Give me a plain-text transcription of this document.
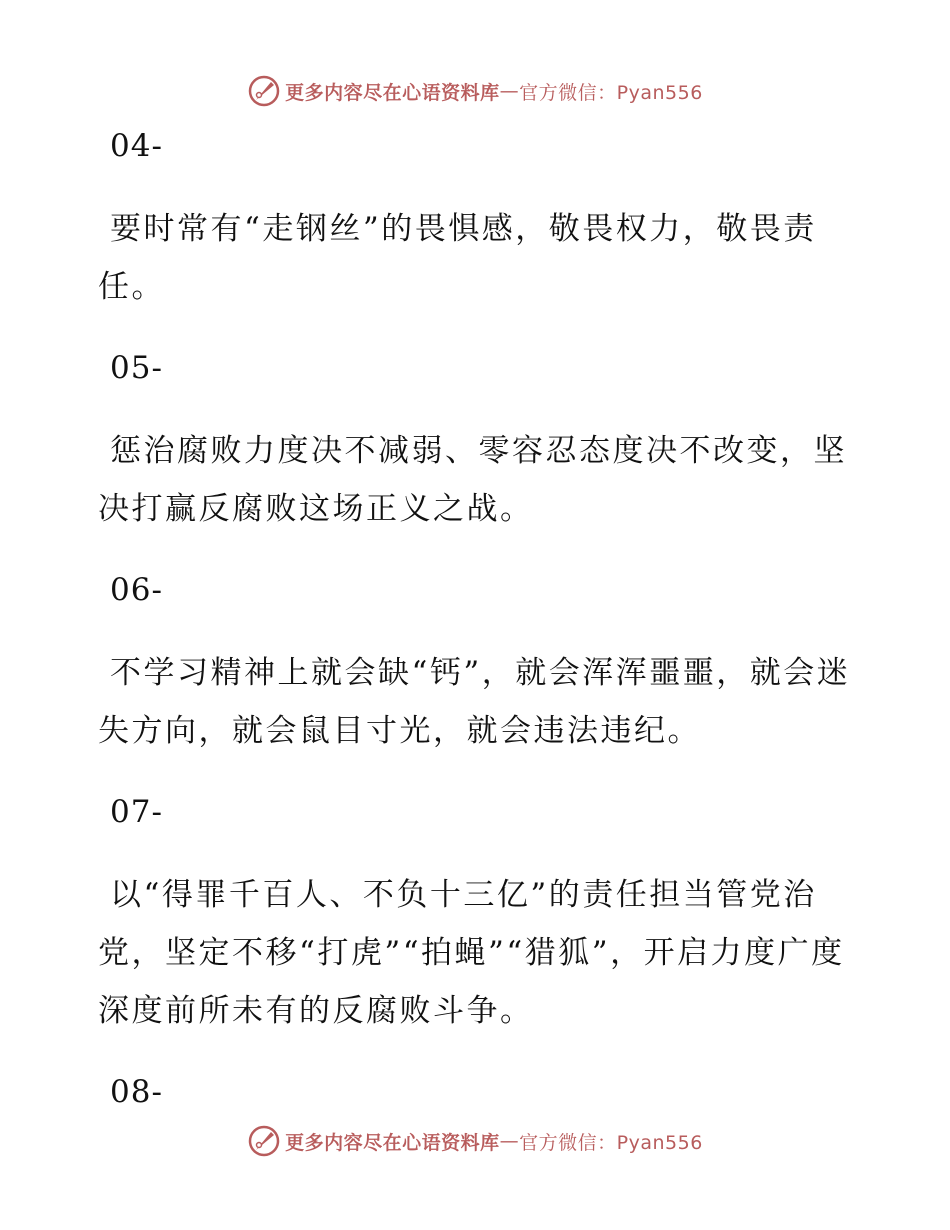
更多内容尽在心语资料库 — 官方微信：Pyan556

04-

要时常有“走钢丝”的畏惧感，敬畏权力，敬畏责任。

05-

惩治腐败力度决不减弱、零容忍态度决不改变，坚决打赢反腐败这场正义之战。

06-

不学习精神上就会缺“钙”，就会浑浑噩噩，就会迷失方向，就会鼠目寸光，就会违法违纪。

07-

以“得罪千百人、不负十三亿”的责任担当管党治党，坚定不移“打虎”“拍蝇”“猎狐”，开启力度广度深度前所未有的反腐败斗争。

08-

更多内容尽在心语资料库 — 官方微信：Pyan556
